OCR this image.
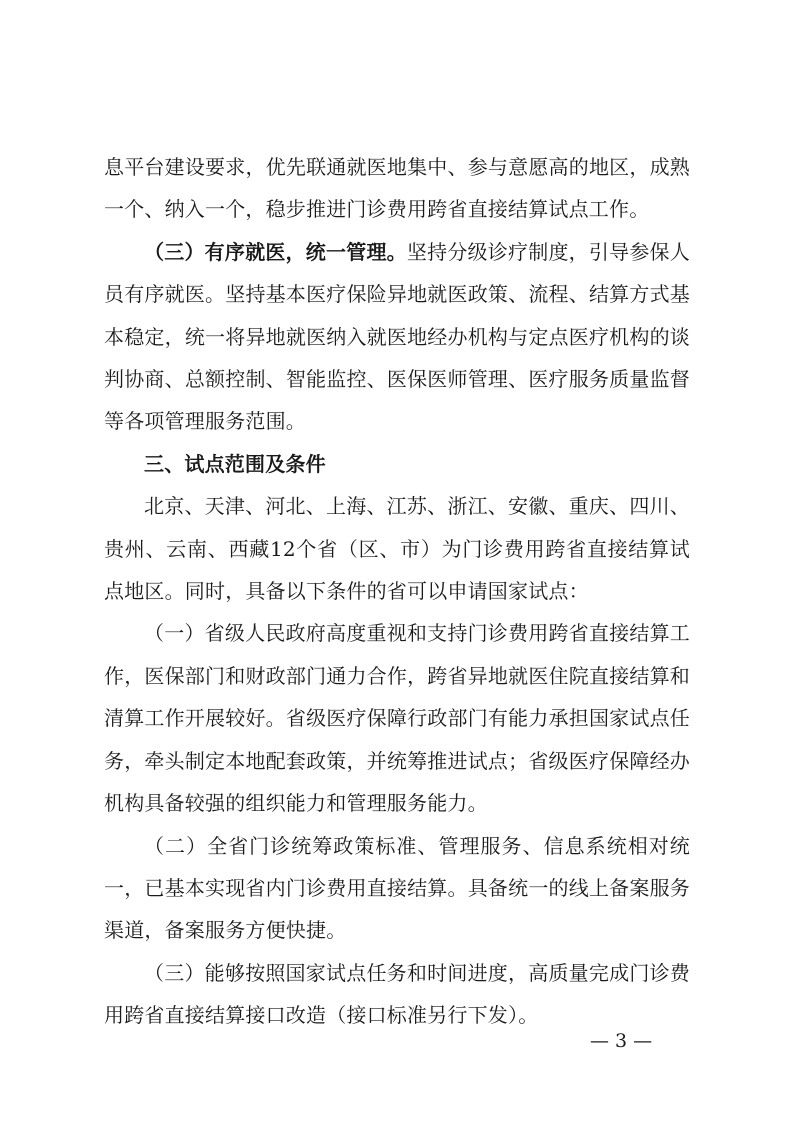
息平台建设要求，优先联通就医地集中、参与意愿高的地区，成熟一个、纳入一个，稳步推进门诊费用跨省直接结算试点工作。

（三）有序就医，统一管理。坚持分级诊疗制度，引导参保人员有序就医。坚持基本医疗保险异地就医政策、流程、结算方式基本稳定，统一将异地就医纳入就医地经办机构与定点医疗机构的谈判协商、总额控制、智能监控、医保医师管理、医疗服务质量监督等各项管理服务范围。

三、试点范围及条件

北京、天津、河北、上海、江苏、浙江、安徽、重庆、四川、贵州、云南、西藏12个省（区、市）为门诊费用跨省直接结算试点地区。同时，具备以下条件的省可以申请国家试点：

（一）省级人民政府高度重视和支持门诊费用跨省直接结算工作，医保部门和财政部门通力合作，跨省异地就医住院直接结算和清算工作开展较好。省级医疗保障行政部门有能力承担国家试点任务，牵头制定本地配套政策，并统筹推进试点；省级医疗保障经办机构具备较强的组织能力和管理服务能力。

（二）全省门诊统筹政策标准、管理服务、信息系统相对统一，已基本实现省内门诊费用直接结算。具备统一的线上备案服务渠道，备案服务方便快捷。

（三）能够按照国家试点任务和时间进度，高质量完成门诊费用跨省直接结算接口改造（接口标准另行下发）。

— 3 —
